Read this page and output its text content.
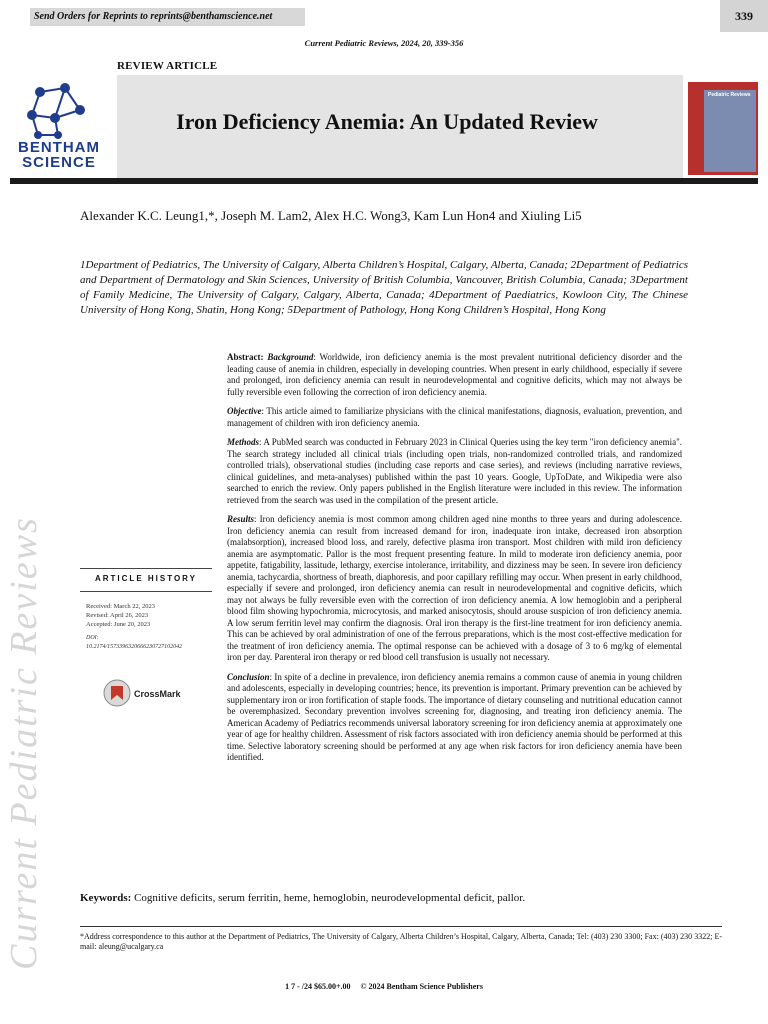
Send Orders for Reprints to reprints@benthamscience.net	339
Current Pediatric Reviews, 2024, 20, 339-356
REVIEW ARTICLE
Iron Deficiency Anemia: An Updated Review
BENTHAM
SCIENCE
Pediatric Reviews
Alexander K.C. Leung1,*, Joseph M. Lam2, Alex H.C. Wong3, Kam Lun Hon4 and Xiuling Li5
1Department of Pediatrics, The University of Calgary, Alberta Children’s Hospital, Calgary, Alberta, Canada; 2Department of Pediatrics and Department of Dermatology and Skin Sciences, University of British Columbia, Vancouver, British Columbia, Canada; 3Department of Family Medicine, The University of Calgary, Calgary, Alberta, Canada; 4Department of Paediatrics, Kowloon City, The Chinese University of Hong Kong, Shatin, Hong Kong; 5Department of Pathology, Hong Kong Children’s Hospital, Hong Kong

Abstract: Background: Worldwide, iron deficiency anemia is the most prevalent nutritional deficiency disorder and the leading cause of anemia in children, especially in developing countries. When present in early childhood, especially if severe and prolonged, iron deficiency anemia can result in neurodevelopmental and cognitive deficits, which may not always be fully reversible even following the correction of iron deficiency anemia.

Objective: This article aimed to familiarize physicians with the clinical manifestations, diagnosis, evaluation, prevention, and management of children with iron deficiency anemia.

Methods: A PubMed search was conducted in February 2023 in Clinical Queries using the key term "iron deficiency anemia". The search strategy included all clinical trials (including open trials, non-randomized controlled trials, and randomized controlled trials), observational studies (including case reports and case series), and reviews (including narrative reviews, clinical guidelines, and meta-analyses) published within the past 10 years. Google, UpToDate, and Wikipedia were also searched to enrich the review. Only papers published in the English literature were included in this review. The information retrieved from the search was used in the compilation of the present article.

Results: Iron deficiency anemia is most common among children aged nine months to three years and during adolescence. Iron deficiency anemia can result from increased demand for iron, inadequate iron intake, decreased iron absorption (malabsorption), increased blood loss, and rarely, defective plasma iron transport. Most children with mild iron deficiency anemia are asymptomatic. Pallor is the most frequent presenting feature. In mild to moderate iron deficiency anemia, poor appetite, fatigability, lassitude, lethargy, exercise intolerance, irritability, and dizziness may be seen. In severe iron deficiency anemia, tachycardia, shortness of breath, diaphoresis, and poor capillary refilling may occur. When present in early childhood, especially if severe and prolonged, iron deficiency anemia can result in neurodevelopmental and cognitive deficits, which may not always be fully reversible even with the correction of iron deficiency anemia. A low hemoglobin and a peripheral blood film showing hypochromia, microcytosis, and marked anisocytosis, should arouse suspicion of iron deficiency anemia. A low serum ferritin level may confirm the diagnosis. Oral iron therapy is the first-line treatment for iron deficiency anemia. This can be achieved by oral administration of one of the ferrous preparations, which is the most cost-effective medication for the treatment of iron deficiency anemia. The optimal response can be achieved with a dosage of 3 to 6 mg/kg of elemental iron per day. Parenteral iron therapy or red blood cell transfusion is usually not necessary.

Conclusion: In spite of a decline in prevalence, iron deficiency anemia remains a common cause of anemia in young children and adolescents, especially in developing countries; hence, its prevention is important. Primary prevention can be achieved by supplementary iron or iron fortification of staple foods. The importance of dietary counseling and nutritional education cannot be overemphasized. Secondary prevention involves screening for, diagnosing, and treating iron deficiency anemia. The American Academy of Pediatrics recommends universal laboratory screening for iron deficiency anemia at approximately one year of age for healthy children. Assessment of risk factors associated with iron deficiency anemia should be performed at this time. Selective laboratory screening should be performed at any age when risk factors for iron deficiency anemia have been identified.

ARTICLE HISTORY
Received: March 22, 2023
Revised: April 26, 2023
Accepted: June 20, 2023
DOI:
10.2174/1573396320666230727102042
CrossMark
Current Pediatric Reviews	Keywords: Cognitive deficits, serum ferritin, heme, hemoglobin, neurodevelopmental deficit, pallor.
*Address correspondence to this author at the Department of Pediatrics, The University of Calgary, Alberta Children’s Hospital, Calgary, Alberta, Canada; Tel: (403) 230 3300; Fax: (403) 230 3322; E-mail: aleung@ucalgary.ca
1 7 - /24 $65.00+.00 © 2024 Bentham Science Publishers
